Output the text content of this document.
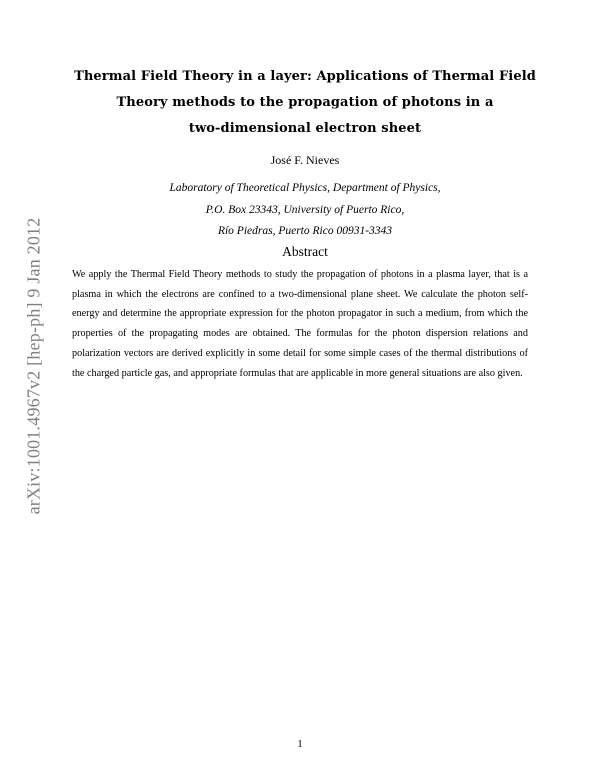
arXiv:1001.4967v2 [hep-ph] 9 Jan 2012
Thermal Field Theory in a layer: Applications of Thermal Field
Theory methods to the propagation of photons in a
two-dimensional electron sheet
José F. Nieves
Laboratory of Theoretical Physics, Department of Physics,
P.O. Box 23343, University of Puerto Rico,
Río Piedras, Puerto Rico 00931-3343
Abstract
We apply the Thermal Field Theory methods to study the propagation of photons in a plasma layer, that is a plasma in which the electrons are confined to a two-dimensional plane sheet. We calculate the photon self-energy and determine the appropriate expression for the photon propagator in such a medium, from which the properties of the propagating modes are obtained. The formulas for the photon dispersion relations and polarization vectors are derived explicitly in some detail for some simple cases of the thermal distributions of the charged particle gas, and appropriate formulas that are applicable in more general situations are also given.
1
